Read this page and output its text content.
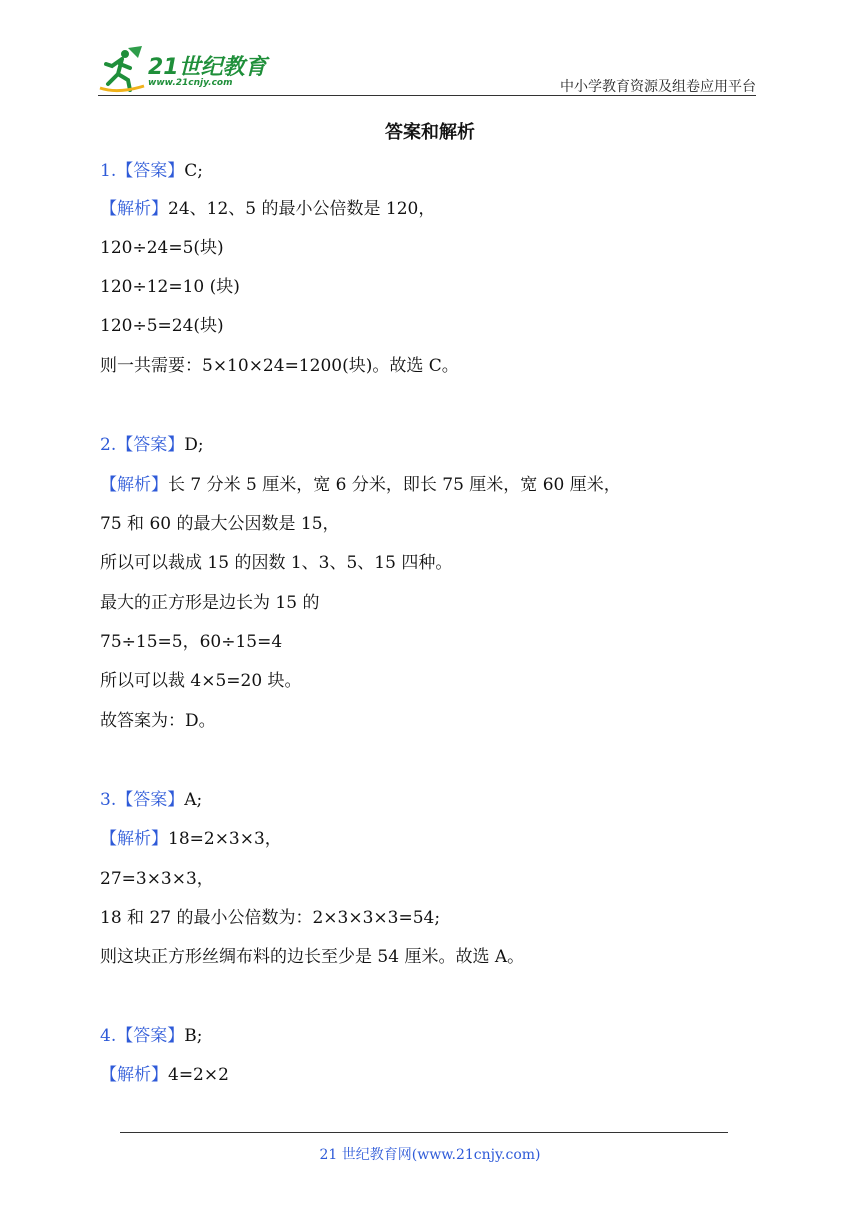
21世纪教育
www.21cnjy.com	中小学教育资源及组卷应用平台
答案和解析
1.【答案】C;
【解析】24、12、5 的最小公倍数是 120，
120÷24=5(块)
120÷12=10 (块)
120÷5=24(块)
则一共需要：5×10×24=1200(块)。故选 C。
2.【答案】D;
【解析】长 7 分米 5 厘米，宽 6 分米，即长 75 厘米，宽 60 厘米，
75 和 60 的最大公因数是 15，
所以可以裁成 15 的因数 1、3、5、15 四种。
最大的正方形是边长为 15 的
75÷15=5，60÷15=4
所以可以裁 4×5=20 块。
故答案为：D。
3.【答案】A;
【解析】18=2×3×3，
27=3×3×3，
18 和 27 的最小公倍数为：2×3×3×3=54;
则这块正方形丝绸布料的边长至少是 54 厘米。故选 A。
4.【答案】B;
【解析】4=2×2
21 世纪教育网(www.21cnjy.com)
